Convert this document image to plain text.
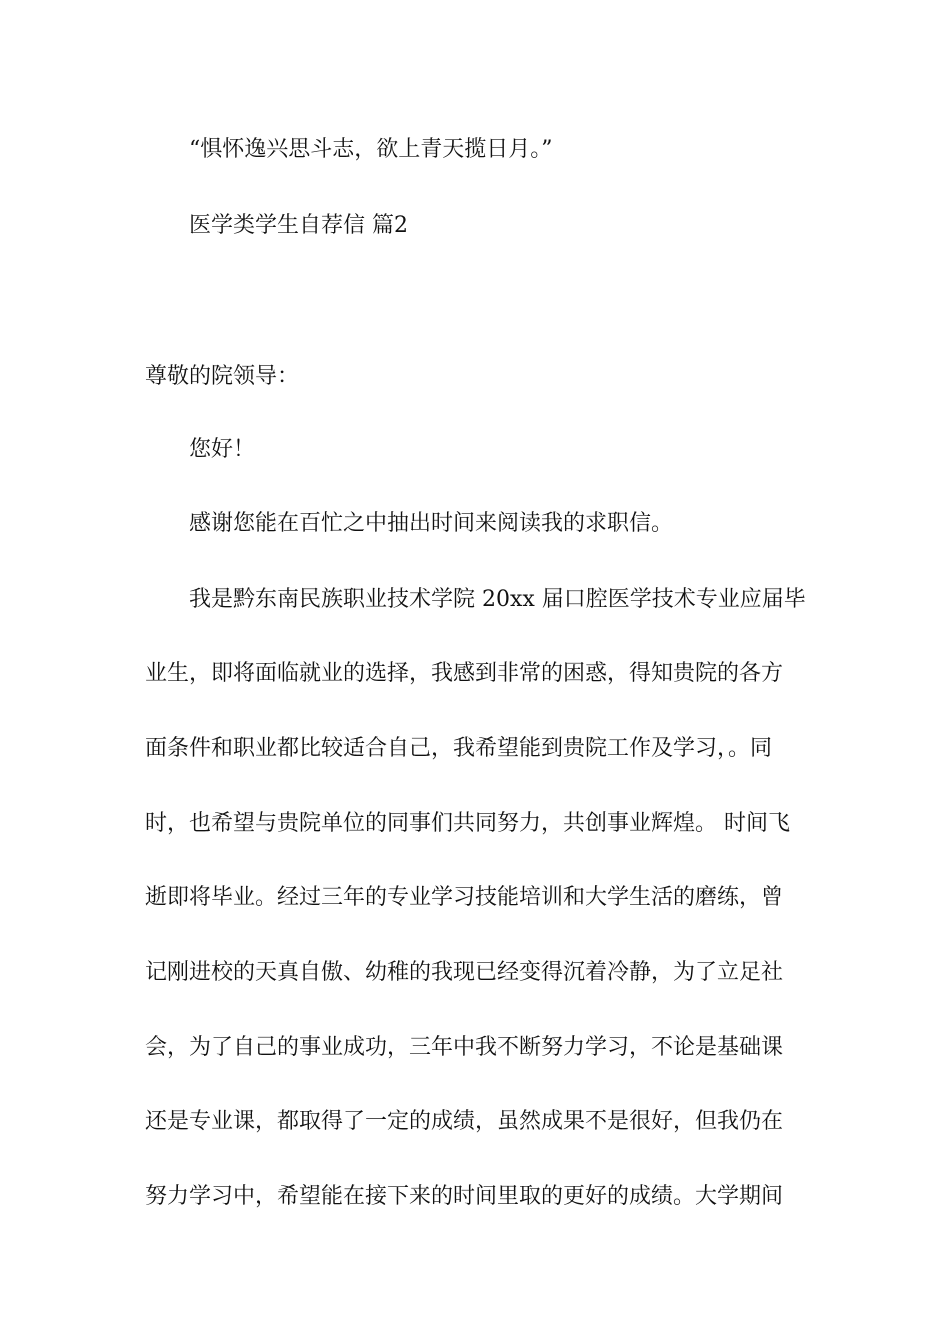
“惧怀逸兴思斗志，欲上青天揽日月。”
医学类学生自荐信 篇2
尊敬的院领导：
您好！
感谢您能在百忙之中抽出时间来阅读我的求职信。
我是黔东南民族职业技术学院 20xx 届口腔医学技术专业应届毕
业生，即将面临就业的选择，我感到非常的困惑，得知贵院的各方
面条件和职业都比较适合自己，我希望能到贵院工作及学习，。同
时，也希望与贵院单位的同事们共同努力，共创事业辉煌。 时间飞
逝即将毕业。经过三年的专业学习技能培训和大学生活的磨练，曾
记刚进校的天真自傲、幼稚的我现已经变得沉着冷静，为了立足社
会，为了自己的事业成功，三年中我不断努力学习，不论是基础课
还是专业课，都取得了一定的成绩，虽然成果不是很好，但我仍在
努力学习中，希望能在接下来的时间里取的更好的成绩。大学期间
